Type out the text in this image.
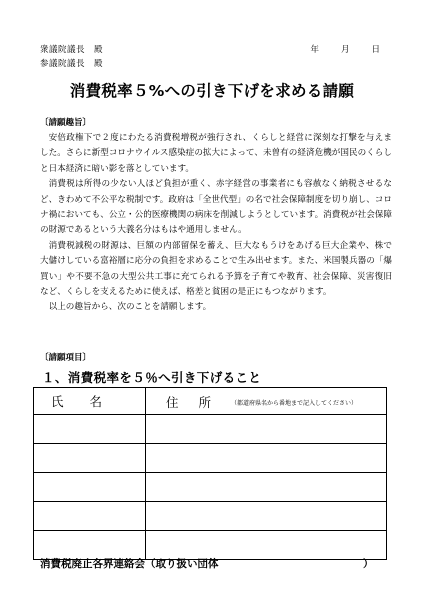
衆議院議長　殿
参議院議長　殿
年	月	日
消費税率５%への引き下げを求める請願
〔請願趣旨〕

安倍政権下で２度にわたる消費税増税が強行され、くらしと経営に深刻な打撃を与えました。さらに新型コロナウイルス感染症の拡大によって、未曽有の経済危機が国民のくらしと日本経済に暗い影を落としています。

消費税は所得の少ない人ほど負担が重く、赤字経営の事業者にも容赦なく納税させるなど、きわめて不公平な税制です。政府は「全世代型」の名で社会保障制度を切り崩し、コロナ禍においても、公立・公的医療機関の病床を削減しようとしています。消費税が社会保障の財源であるという大義名分はもはや通用しません。

消費税減税の財源は、巨額の内部留保を蓄え、巨大なもうけをあげる巨大企業や、株で大儲けしている富裕層に応分の負担を求めることで生み出せます。また、米国製兵器の「爆買い」や不要不急の大型公共工事に充てられる予算を子育てや教育、社会保障、災害復旧など、くらしを支えるために使えば、格差と貧困の是正にもつながります。

以上の趣旨から、次のことを請願します。

〔請願項目〕
１、消費税率を５％へ引き下げること
氏名	住所（都道府県名から番地まで記入してください）

消費税廃止各界連絡会（取り扱い団体	）
